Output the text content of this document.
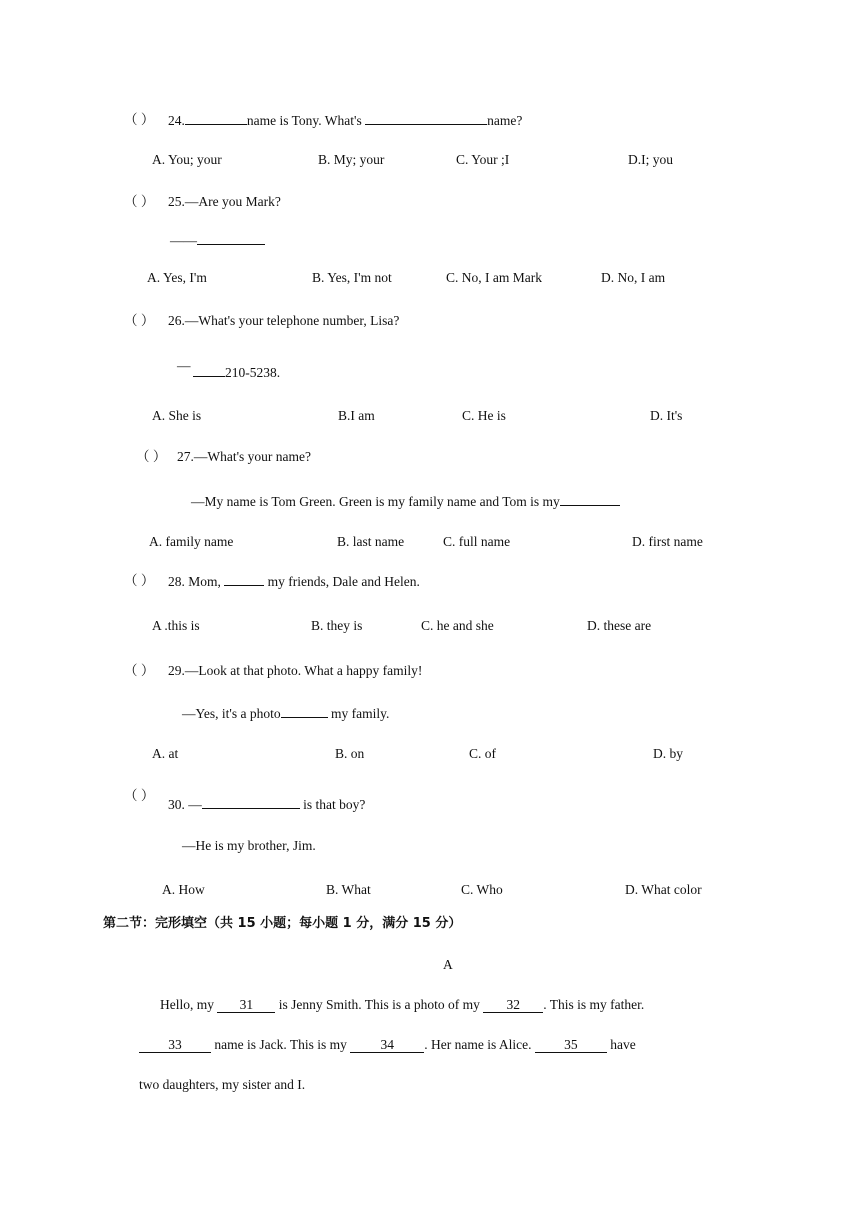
（ ） 24.	name is Tony. What's	name?
A. You; your	B. My; your	C. Your ;I	D.I; you
（ ） 25.—Are you Mark?
——
A. Yes, I'm	B. Yes, I'm not	C. No, I am Mark	D. No, I am
（ ） 26.—What's your telephone number, Lisa?
—	210-5238.
A. She is	B.I am	C. He is	D. It's
（ ） 27.—What's your name?
—My name is Tom Green. Green is my family name and Tom is my
A. family name	B. last name	C. full name	D. first name
（ ） 28. Mom,	my friends, Dale and Helen.
A .this is	B. they is	C. he and she	D. these are
（ ） 29.—Look at that photo. What a happy family!
—Yes, it's a photo	my family.
A. at	B. on	C. of	D. by
（ ）
30. —	is that boy?
—He is my brother, Jim.
A. How	B. What	C. Who	D. What color
第二节：完形填空（共 15 小题；每小题 1 分，满分 15 分）
A
Hello, my 31 is Jenny Smith. This is a photo of my 32 . This is my father.
33 name is Jack. This is my 34 . Her name is Alice. 35 have
two daughters, my sister and I.
